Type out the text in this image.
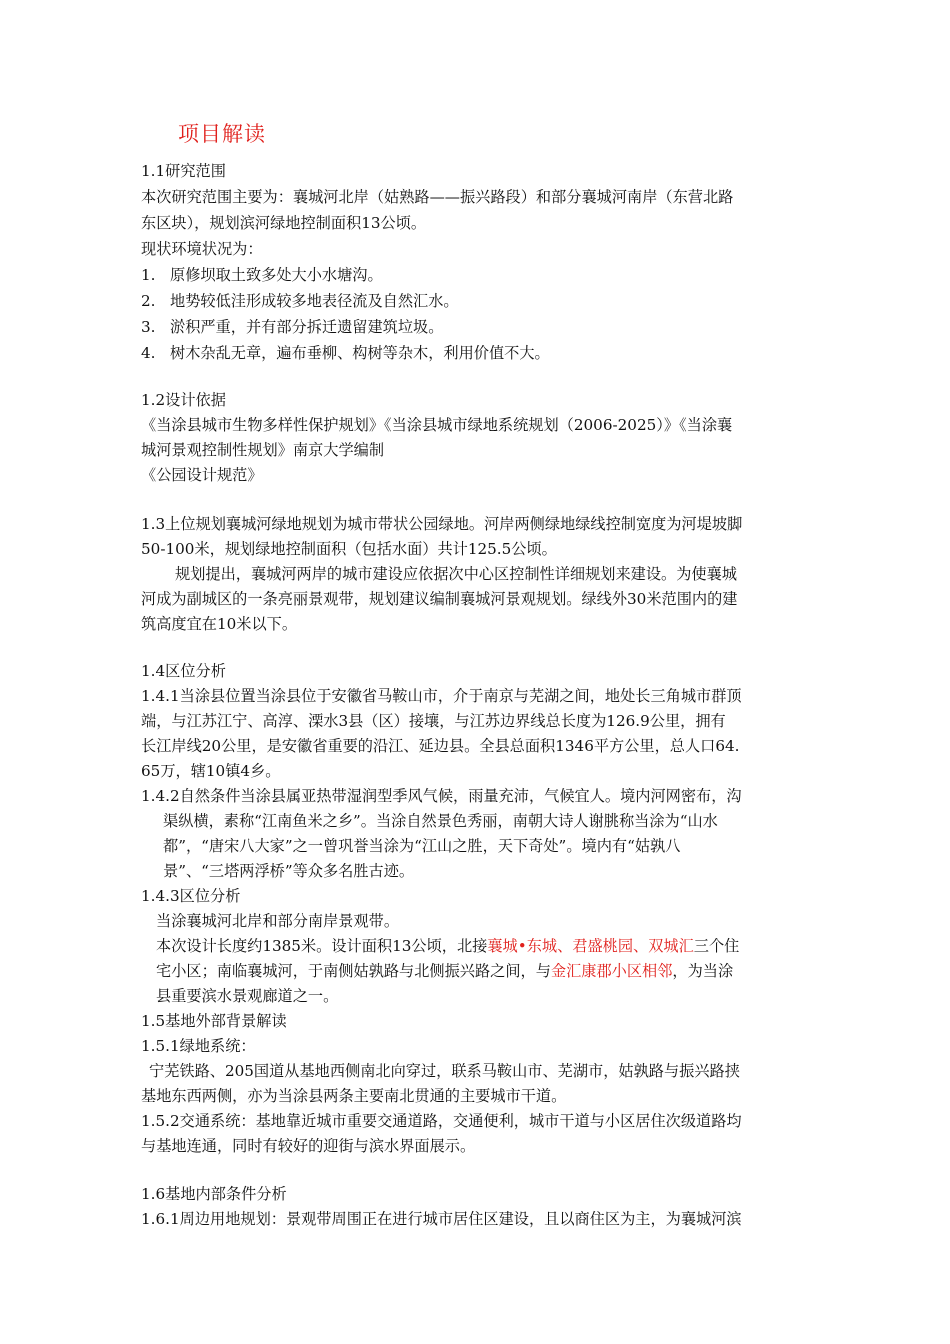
项目解读
1.1研究范围
本次研究范围主要为：襄城河北岸（姑熟路——振兴路段）和部分襄城河南岸（东营北路
东区块），规划滨河绿地控制面积13公顷。
现状环境状况为：
1. 原修坝取土致多处大小水塘沟。
2. 地势较低洼形成较多地表径流及自然汇水。
3. 淤积严重，并有部分拆迁遗留建筑垃圾。
4. 树木杂乱无章，遍布垂柳、构树等杂木，利用价值不大。
1.2设计依据
《当涂县城市生物多样性保护规划》《当涂县城市绿地系统规划（2006-2025）》《当涂襄
城河景观控制性规划》南京大学编制
《公园设计规范》
1.3上位规划襄城河绿地规划为城市带状公园绿地。河岸两侧绿地绿线控制宽度为河堤坡脚
50-100米，规划绿地控制面积（包括水面）共计125.5公顷。
规划提出，襄城河两岸的城市建设应依据次中心区控制性详细规划来建设。为使襄城
河成为副城区的一条亮丽景观带，规划建议编制襄城河景观规划。绿线外30米范围内的建
筑高度宜在10米以下。
1.4区位分析
1.4.1当涂县位置当涂县位于安徽省马鞍山市，介于南京与芜湖之间，地处长三角城市群顶
端，与江苏江宁、高淳、溧水3县（区）接壤，与江苏边界线总长度为126.9公里，拥有
长江岸线20公里，是安徽省重要的沿江、延边县。全县总面积1346平方公里，总人口64.
65万，辖10镇4乡。
1.4.2自然条件当涂县属亚热带湿润型季风气候，雨量充沛，气候宜人。境内河网密布，沟
渠纵横，素称“江南鱼米之乡”。当涂自然景色秀丽，南朝大诗人谢朓称当涂为“山水
都”，“唐宋八大家”之一曾巩誉当涂为“江山之胜，天下奇处”。境内有“姑孰八
景”、“三塔两浮桥”等众多名胜古迹。
1.4.3区位分析
当涂襄城河北岸和部分南岸景观带。
本次设计长度约1385米。设计面积13公顷，北接襄城•东城、君盛桃园、双城汇三个住
宅小区；南临襄城河，于南侧姑孰路与北侧振兴路之间，与金汇康郡小区相邻，为当涂
县重要滨水景观廊道之一。
1.5基地外部背景解读
1.5.1绿地系统：
宁芜铁路、205国道从基地西侧南北向穿过，联系马鞍山市、芜湖市，姑孰路与振兴路挟
基地东西两侧，亦为当涂县两条主要南北贯通的主要城市干道。
1.5.2交通系统：基地靠近城市重要交通道路，交通便利，城市干道与小区居住次级道路均
与基地连通，同时有较好的迎街与滨水界面展示。
1.6基地内部条件分析
1.6.1周边用地规划：景观带周围正在进行城市居住区建设，且以商住区为主，为襄城河滨
